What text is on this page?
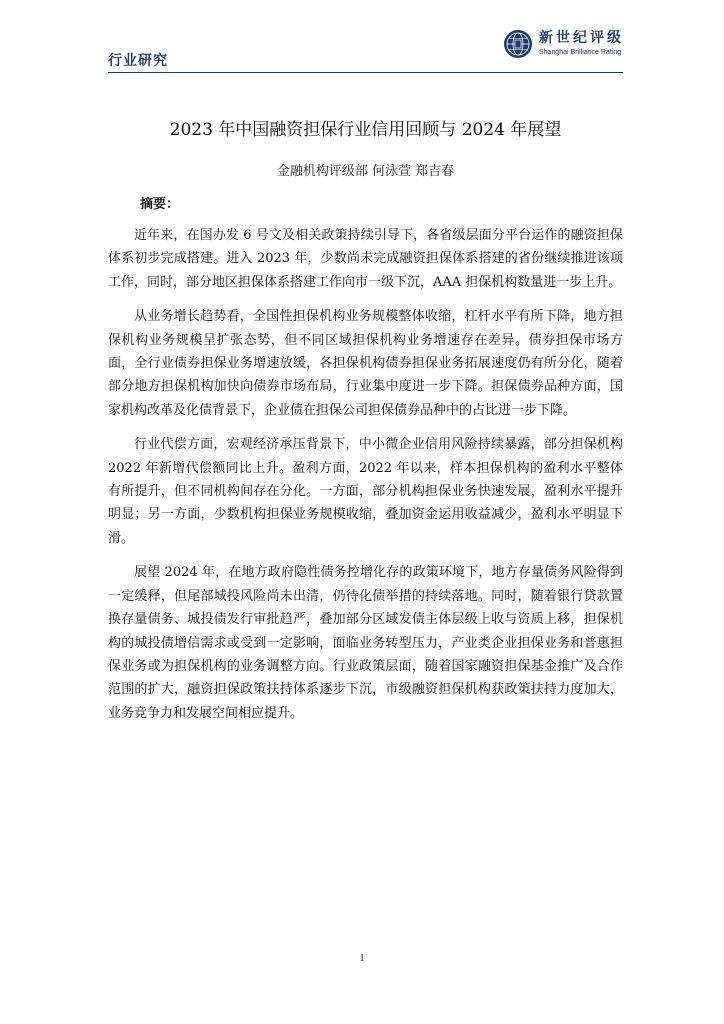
行业研究
新世纪评级
Shanghai Brilliance Rating
2023 年中国融资担保行业信用回顾与 2024 年展望
金融机构评级部 何泳萱 郑吉春
摘要：

近年来，在国办发 6 号文及相关政策持续引导下，各省级层面分平台运作的融资担保体系初步完成搭建。进入 2023 年，少数尚未完成融资担保体系搭建的省份继续推进该项工作，同时，部分地区担保体系搭建工作向市一级下沉，AAA 担保机构数量进一步上升。

从业务增长趋势看，全国性担保机构业务规模整体收缩，杠杆水平有所下降，地方担保机构业务规模呈扩张态势，但不同区域担保机构业务增速存在差异。债券担保市场方面，全行业债券担保业务增速放缓，各担保机构债券担保业务拓展速度仍有所分化，随着部分地方担保机构加快向债券市场布局，行业集中度进一步下降。担保债券品种方面，国家机构改革及化债背景下，企业债在担保公司担保债券品种中的占比进一步下降。

行业代偿方面，宏观经济承压背景下，中小微企业信用风险持续暴露，部分担保机构 2022 年新增代偿额同比上升。盈利方面，2022 年以来，样本担保机构的盈利水平整体有所提升，但不同机构间存在分化。一方面，部分机构担保业务快速发展，盈利水平提升明显；另一方面，少数机构担保业务规模收缩，叠加资金运用收益减少，盈利水平明显下滑。

展望 2024 年，在地方政府隐性债务控增化存的政策环境下，地方存量债务风险得到一定缓释，但尾部城投风险尚未出清，仍待化债举措的持续落地。同时，随着银行贷款置换存量债务、城投债发行审批趋严，叠加部分区域发债主体层级上收与资质上移，担保机构的城投债增信需求或受到一定影响，面临业务转型压力，产业类企业担保业务和普惠担保业务或为担保机构的业务调整方向。行业政策层面，随着国家融资担保基金推广及合作范围的扩大，融资担保政策扶持体系逐步下沉，市级融资担保机构获政策扶持力度加大，业务竞争力和发展空间相应提升。

1
